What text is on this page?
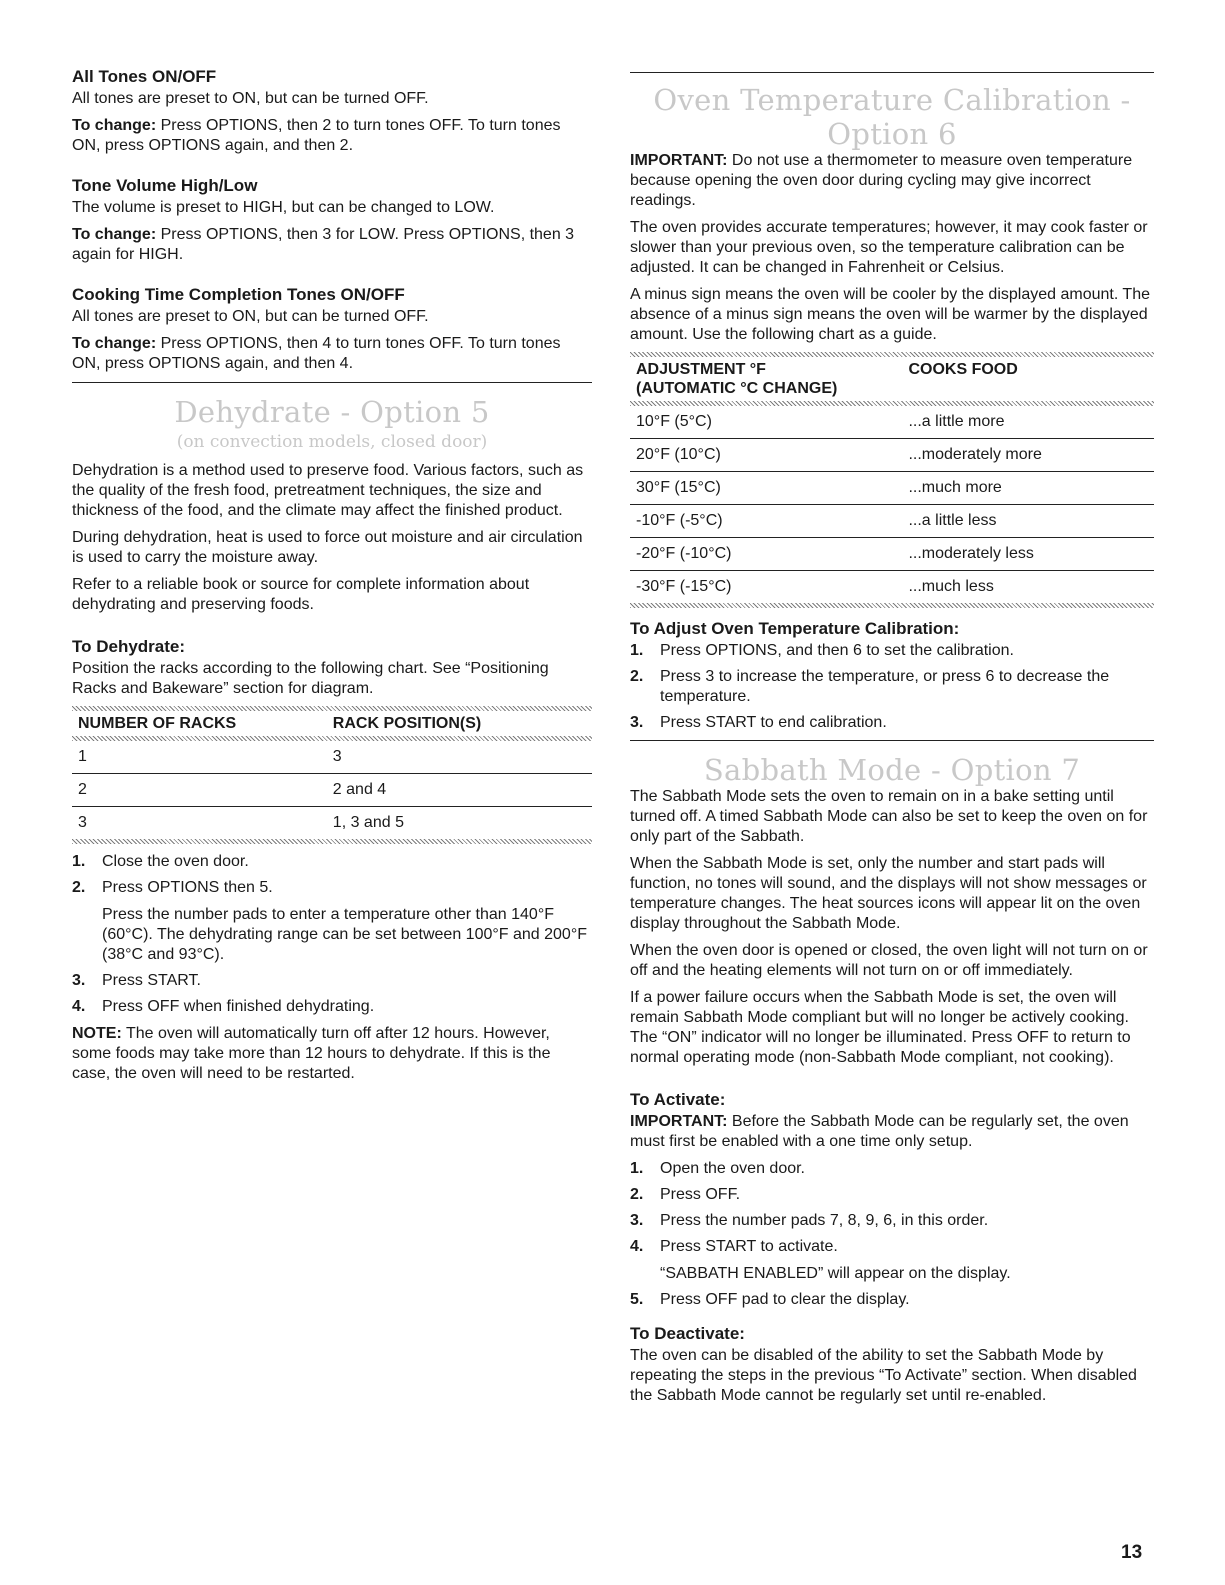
All Tones ON/OFF

All tones are preset to ON, but can be turned OFF.

To change: Press OPTIONS, then 2 to turn tones OFF. To turn tones ON, press OPTIONS again, and then 2.

Tone Volume High/Low

The volume is preset to HIGH, but can be changed to LOW.

To change: Press OPTIONS, then 3 for LOW. Press OPTIONS, then 3 again for HIGH.

Cooking Time Completion Tones ON/OFF

All tones are preset to ON, but can be turned OFF.

To change: Press OPTIONS, then 4 to turn tones OFF. To turn tones ON, press OPTIONS again, and then 4.

Dehydrate - Option 5
(on convection models, closed door)

Dehydration is a method used to preserve food. Various factors, such as the quality of the fresh food, pretreatment techniques, the size and thickness of the food, and the climate may affect the finished product.

During dehydration, heat is used to force out moisture and air circulation is used to carry the moisture away.

Refer to a reliable book or source for complete information about dehydrating and preserving foods.

To Dehydrate:

Position the racks according to the following chart. See “Positioning Racks and Bakeware” section for diagram.

NUMBER OF RACKS	RACK POSITION(S)
1	3
2	2 and 4
3	1, 3 and 5
1. Close the oven door.
2. Press OPTIONS then 5.
Press the number pads to enter a temperature other than 140°F (60°C). The dehydrating range can be set between 100°F and 200°F (38°C and 93°C).
3. Press START.
4. Press OFF when finished dehydrating.

NOTE: The oven will automatically turn off after 12 hours. However, some foods may take more than 12 hours to dehydrate. If this is the case, the oven will need to be restarted.

Oven Temperature Calibration - Option 6

IMPORTANT: Do not use a thermometer to measure oven temperature because opening the oven door during cycling may give incorrect readings.

The oven provides accurate temperatures; however, it may cook faster or slower than your previous oven, so the temperature calibration can be adjusted. It can be changed in Fahrenheit or Celsius.

A minus sign means the oven will be cooler by the displayed amount. The absence of a minus sign means the oven will be warmer by the displayed amount. Use the following chart as a guide.

ADJUSTMENT °F
(AUTOMATIC °C CHANGE)	COOKS FOOD
10°F (5°C)	...a little more
20°F (10°C)	...moderately more
30°F (15°C)	...much more
-10°F (-5°C)	...a little less
-20°F (-10°C)	...moderately less
-30°F (-15°C)	...much less
To Adjust Oven Temperature Calibration:
1. Press OPTIONS, and then 6 to set the calibration.
2. Press 3 to increase the temperature, or press 6 to decrease the temperature.
3. Press START to end calibration.
Sabbath Mode - Option 7

The Sabbath Mode sets the oven to remain on in a bake setting until turned off. A timed Sabbath Mode can also be set to keep the oven on for only part of the Sabbath.

When the Sabbath Mode is set, only the number and start pads will function, no tones will sound, and the displays will not show messages or temperature changes. The heat sources icons will appear lit on the oven display throughout the Sabbath Mode.

When the oven door is opened or closed, the oven light will not turn on or off and the heating elements will not turn on or off immediately.

If a power failure occurs when the Sabbath Mode is set, the oven will remain Sabbath Mode compliant but will no longer be actively cooking. The “ON” indicator will no longer be illuminated. Press OFF to return to normal operating mode (non-Sabbath Mode compliant, not cooking).

To Activate:

IMPORTANT: Before the Sabbath Mode can be regularly set, the oven must first be enabled with a one time only setup.

1. Open the oven door.
2. Press OFF.
3. Press the number pads 7, 8, 9, 6, in this order.
4. Press START to activate.
“SABBATH ENABLED” will appear on the display.
5. Press OFF pad to clear the display.
To Deactivate:

The oven can be disabled of the ability to set the Sabbath Mode by repeating the steps in the previous “To Activate” section. When disabled the Sabbath Mode cannot be regularly set until re-enabled.

13
